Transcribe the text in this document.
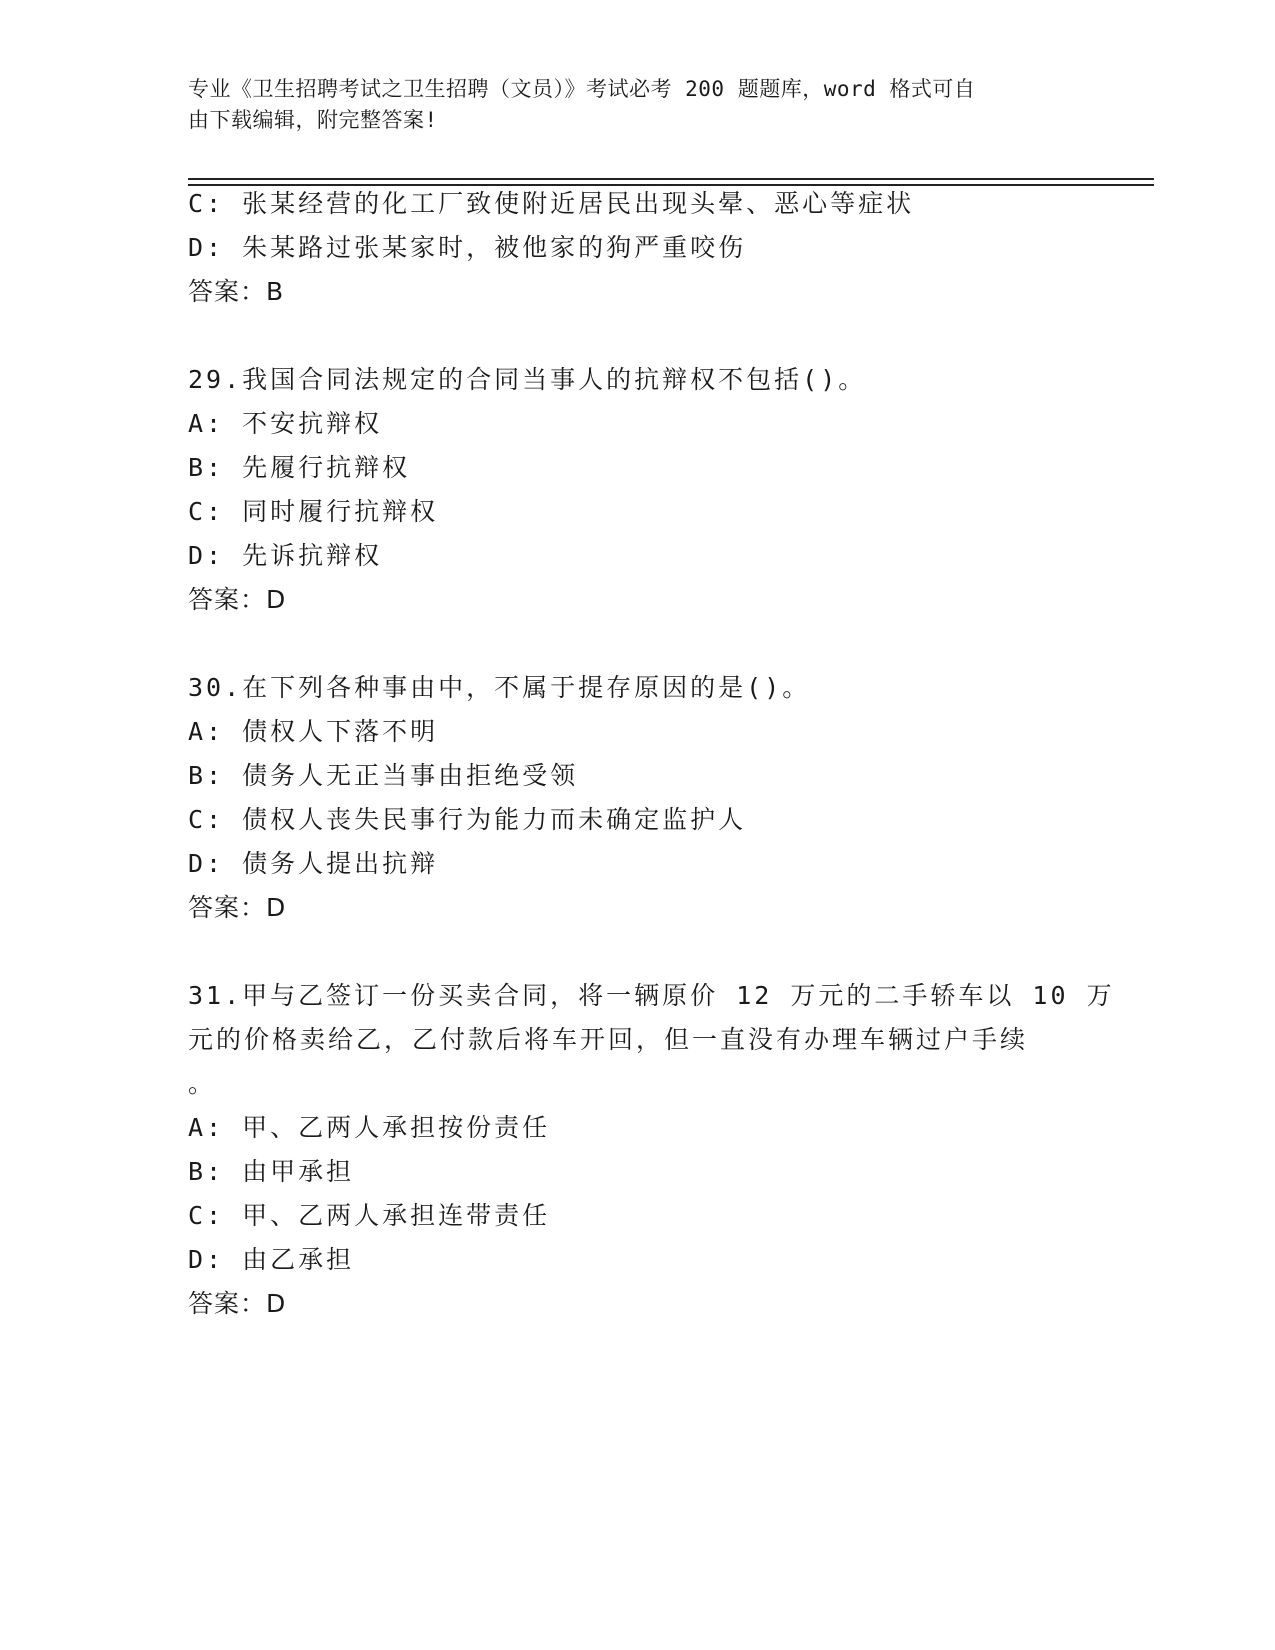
专业《卫生招聘考试之卫生招聘（文员）》考试必考 200 题题库，word 格式可自
由下载编辑，附完整答案!
C: 张某经营的化工厂致使附近居民出现头晕、恶心等症状
D: 朱某路过张某家时，被他家的狗严重咬伤
答案：B
29.我国合同法规定的合同当事人的抗辩权不包括()。
A: 不安抗辩权
B: 先履行抗辩权
C: 同时履行抗辩权
D: 先诉抗辩权
答案：D
30.在下列各种事由中，不属于提存原因的是()。
A: 债权人下落不明
B: 债务人无正当事由拒绝受领
C: 债权人丧失民事行为能力而未确定监护人
D: 债务人提出抗辩
答案：D
31.甲与乙签订一份买卖合同，将一辆原价 12 万元的二手轿车以 10 万
元的价格卖给乙，乙付款后将车开回，但一直没有办理车辆过户手续
。
A: 甲、乙两人承担按份责任
B: 由甲承担
C: 甲、乙两人承担连带责任
D: 由乙承担
答案：D
